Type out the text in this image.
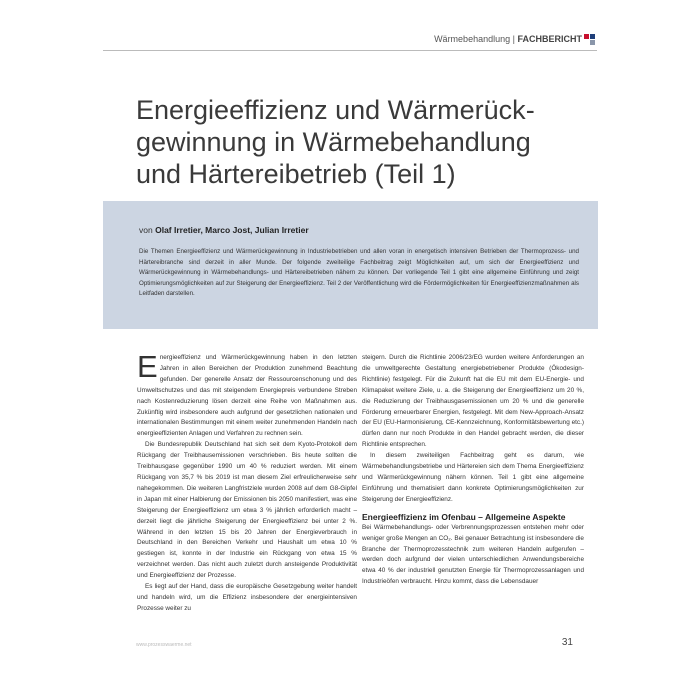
Wärmebehandlung | FACHBERICHT
Energieeffizienz und Wärmerückgewinnung in Wärmebehandlung und Härtereibetrieb (Teil 1)
von Olaf Irretier, Marco Jost, Julian Irretier

Die Themen Energieeffizienz und Wärmerückgewinnung in Industriebetrieben und allen voran in energetisch intensiven Betrieben der Thermoprozess- und Härtereibranche sind derzeit in aller Munde. Der folgende zweiteilige Fachbeitrag zeigt Möglichkeiten auf, um sich der Energieeffizienz und Wärmerückgewinnung in Wärmebehandlungs- und Härtereibetrieben nähern zu können. Der vorliegende Teil 1 gibt eine allgemeine Einführung und zeigt Optimierungsmöglichkeiten auf zur Steigerung der Energieeffizienz. Teil 2 der Veröffentlichung wird die Fördermöglichkeiten für Energieeffizienzmaßnahmen als Leitfaden darstellen.

Energieeffizienz und Wärmerückgewinnung haben in den letzten Jahren in allen Bereichen der Produktion zunehmend Beachtung gefunden. Der generelle Ansatz der Ressourcenschonung und des Umweltschutzes und das mit steigendem Energiepreis verbundene Streben nach Kostenreduzierung lösen derzeit eine Reihe von Maßnahmen aus. Zukünftig wird insbesondere auch aufgrund der gesetzlichen nationalen und internationalen Bestimmungen mit einem weiter zunehmenden Handeln nach energieeffizienten Anlagen und Verfahren zu rechnen sein.

Die Bundesrepublik Deutschland hat sich seit dem Kyoto-Protokoll dem Rückgang der Treibhausemissionen verschrieben. Bis heute sollten die Treibhausgase gegenüber 1990 um 40 % reduziert werden. Mit einem Rückgang von 35,7 % bis 2019 ist man diesem Ziel erfreulicherweise sehr nahegekommen. Die weiteren Langfristziele wurden 2008 auf dem G8-Gipfel in Japan mit einer Halbierung der Emissionen bis 2050 manifestiert, was eine Steigerung der Energieeffizienz um etwa 3 % jährlich erforderlich macht – derzeit liegt die jährliche Steigerung der Energieeffizienz bei unter 2 %. Während in den letzten 15 bis 20 Jahren der Energieverbrauch in Deutschland in den Bereichen Verkehr und Haushalt um etwa 10 % gestiegen ist, konnte in der Industrie ein Rückgang von etwa 15 % verzeichnet werden. Das nicht auch zuletzt durch ansteigende Produktivität und Energieeffizienz der Prozesse.

Es liegt auf der Hand, dass die europäische Gesetzgebung weiter handelt und handeln wird, um die Effizienz insbesondere der energieintensiven Prozesse weiter zu

steigern. Durch die Richtlinie 2006/23/EG wurden weitere Anforderungen an die umweltgerechte Gestaltung energiebetriebener Produkte (Ökodesign-Richtlinie) festgelegt. Für die Zukunft hat die EU mit dem EU-Energie- und Klimapaket weitere Ziele, u. a. die Steigerung der Energieeffizienz um 20 %, die Reduzierung der Treibhausgasemissionen um 20 % und die generelle Förderung erneuerbarer Energien, festgelegt. Mit dem New-Approach-Ansatz der EU (EU-Harmonisierung, CE-Kennzeichnung, Konformitätsbewertung etc.) dürfen dann nur noch Produkte in den Handel gebracht werden, die dieser Richtlinie entsprechen.

In diesem zweiteiligen Fachbeitrag geht es darum, wie Wärmebehandlungsbetriebe und Härtereien sich dem Thema Energieeffizienz und Wärmerückgewinnung nähern können. Teil 1 gibt eine allgemeine Einführung und thematisiert dann konkrete Optimierungsmöglichkeiten zur Steigerung der Energieeffizienz.

Energieeffizienz im Ofenbau – Allgemeine Aspekte

Bei Wärmebehandlungs- oder Verbrennungsprozessen entstehen mehr oder weniger große Mengen an CO₂. Bei genauer Betrachtung ist insbesondere die Branche der Thermoprozesstechnik zum weiteren Handeln aufgerufen – werden doch aufgrund der vielen unterschiedlichen Anwendungsbereiche etwa 40 % der industriell genutzten Energie für Thermoprozessanlagen und Industrieöfen verbraucht. Hinzu kommt, dass die Lebensdauer

www.prozesswaerme.net	31
